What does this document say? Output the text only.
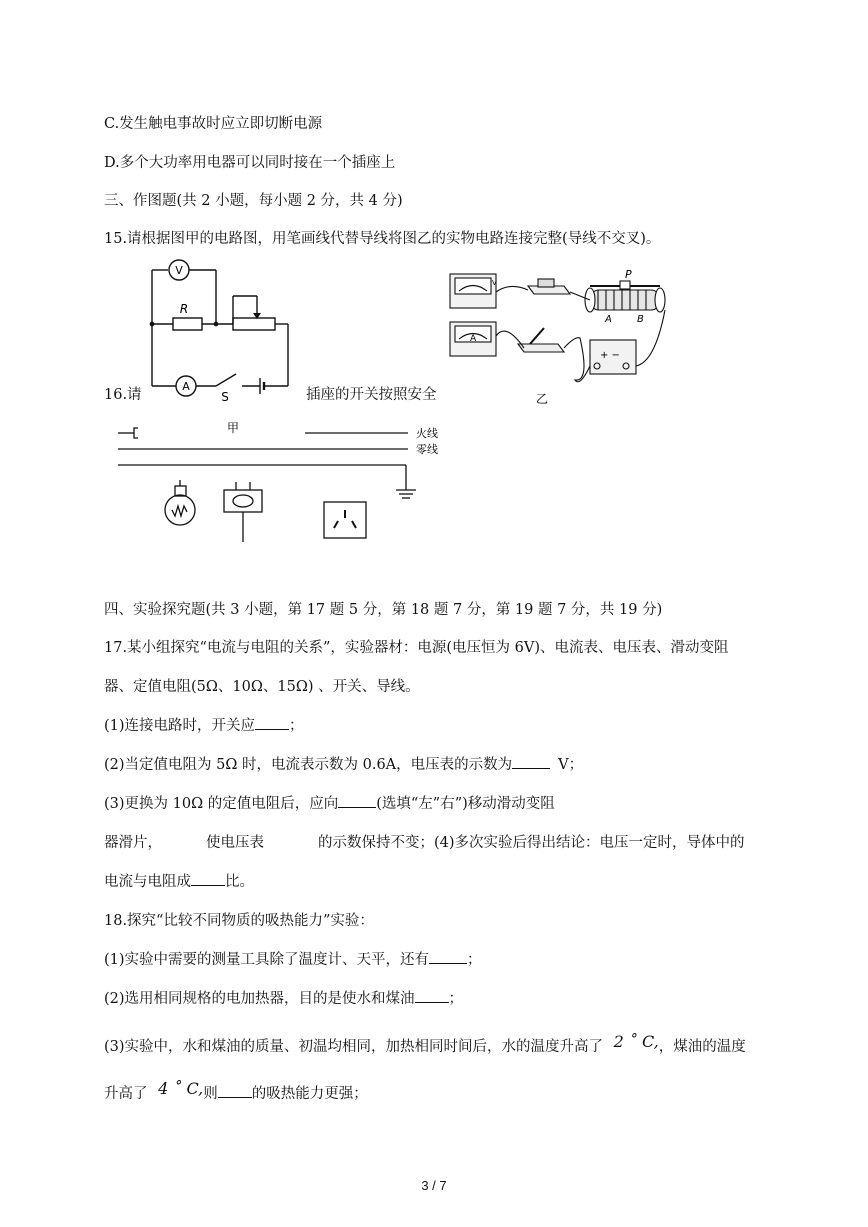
C.发生触电事故时应立即切断电源
D.多个大功率用电器可以同时接在一个插座上
三、作图题(共 2 小题，每小题 2 分，共 4 分)
15.请根据图甲的电路图，用笔画线代替导线将图乙的实物电路连接完整(导线不交叉)。
V
A
R
S
甲
V
A
+ −
P
A	B
乙
16.请	插座的开关按照安全
火线
零线
四、实验探究题(共 3 小题，第 17 题 5 分，第 18 题 7 分，第 19 题 7 分，共 19 分)
17.某小组探究“电流与电阻的关系”，实验器材：电源(电压恒为 6V)、电流表、电压表、滑动变阻
器、定值电阻(5Ω、10Ω、15Ω) 、开关、导线。
(1)连接电路时，开关应 ；
(2)当定值电阻为 5Ω 时，电流表示数为 0.6A，电压表的示数为	V；
(3)更换为 10Ω 的定值电阻后，应向	(选填“左”右”)移动滑动变阻
器滑片，	使电压表	的示数保持不变；(4)多次实验后得出结论：电压一定时，导体中的
电流与电阻成 比。
18.探究“比较不同物质的吸热能力”实验：
(1)实验中需要的测量工具除了温度计、天平，还有	；
(2)选用相同规格的电加热器，目的是使水和煤油 ；
(3)实验中，水和煤油的质量、初温均相同，加热相同时间后，水的温度升高了 2 ˚ C,，煤油的温度
升高了 4 ˚ C,则 的吸热能力更强；
3 / 7
